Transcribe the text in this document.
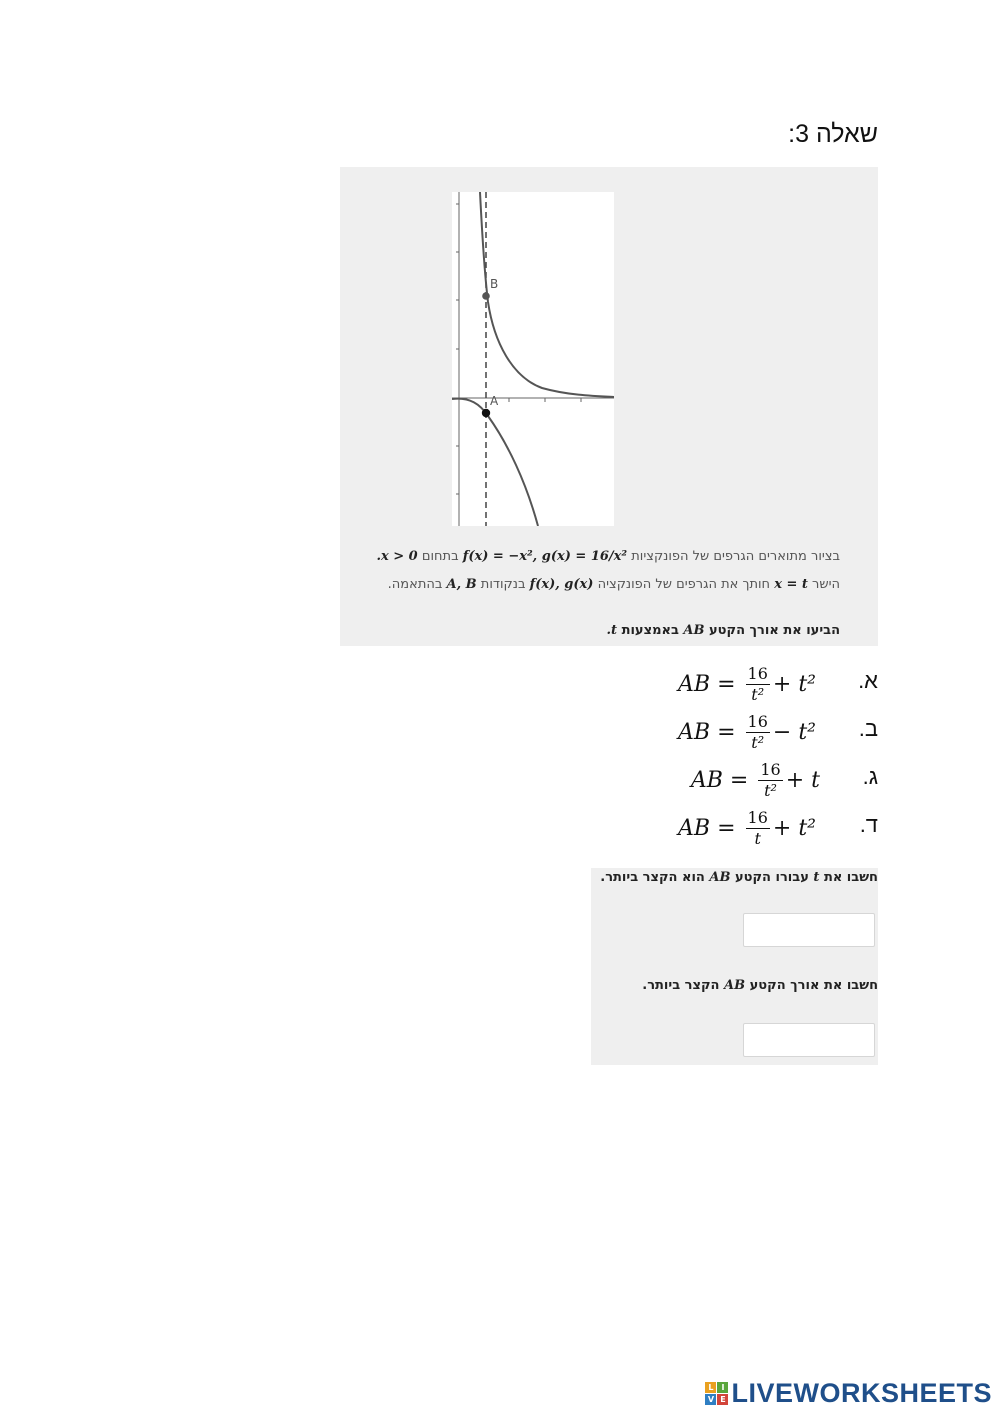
שאלה 3:
בציור מתוארים הגרפים של הפונקציות f(x) = −x², g(x) = 16/x² בתחום x > 0.
הישר x = t חותך את הגרפים של הפונקציה f(x), g(x) בנקודות A, B בהתאמה.
הביעו את אורך הקטע AB באמצעות t.
B
A
א.
AB =
$\frac{16}{\text{t²}}$ +
t²
ב.
AB =
$\frac{16}{\text{t²}}$ −
t²
ג.
AB =
$\frac{16}{\text{t²}}$ +
t
ד.
AB =
$\frac{16}{t}$ +
t²
חשבו את t עבורו הקטע AB הוא הקצר ביותר.
חשבו את אורך הקטע AB הקצר ביותר.
L I
V E LIVEWORKSHEETS
